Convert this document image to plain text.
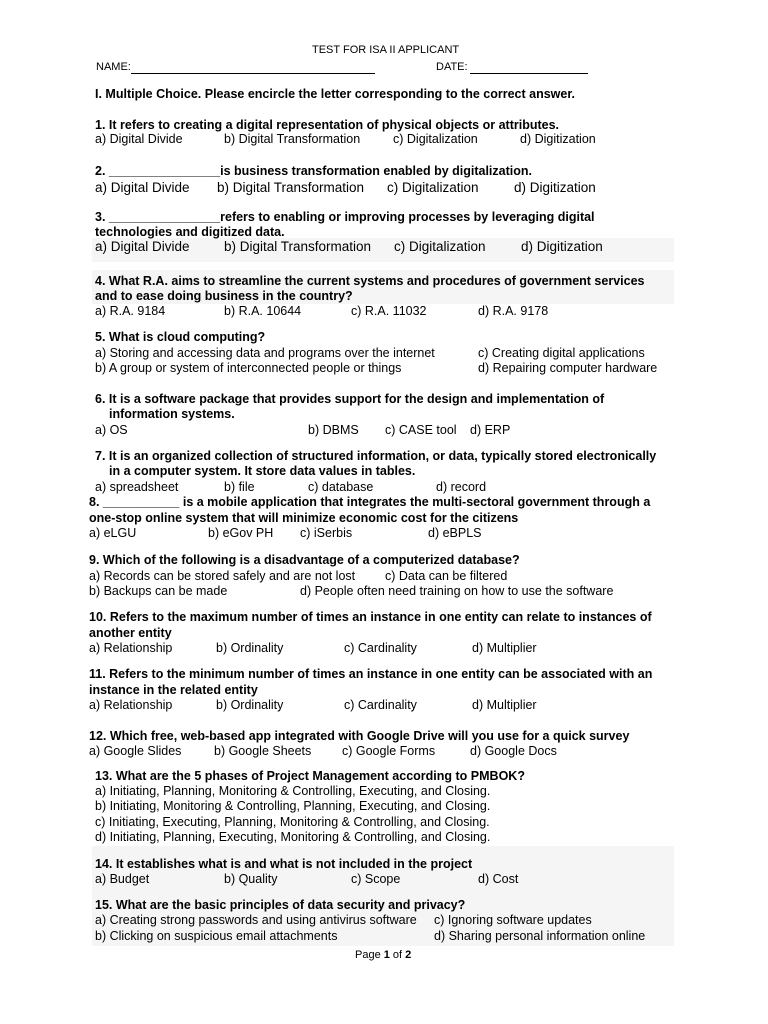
TEST FOR ISA II APPLICANT
NAME:	DATE:
I. Multiple Choice. Please encircle the letter corresponding to the correct answer.
1. It refers to creating a digital representation of physical objects or attributes.
a) Digital Divide	b) Digital Transformation	c) Digitalization	d) Digitization
2. ________________is business transformation enabled by digitalization.
a) Digital Divide b) Digital Transformation c) Digitalization	d) Digitization
3. ________________refers to enabling or improving processes by leveraging digital
technologies and digitized data.
a) Digital Divide	b) Digital Transformation c) Digitalization	d) Digitization
4. What R.A. aims to streamline the current systems and procedures of government services
and to ease doing business in the country?
a) R.A. 9184	b) R.A. 10644	c) R.A. 11032	d) R.A. 9178
5. What is cloud computing?
a) Storing and accessing data and programs over the internet	c) Creating digital applications
b) A group or system of interconnected people or things	d) Repairing computer hardware
6. It is a software package that provides support for the design and implementation of
information systems.
a) OS	b) DBMS c) CASE tool d) ERP
7. It is an organized collection of structured information, or data, typically stored electronically
in a computer system. It store data values in tables.
a) spreadsheet	b) file	c) database	d) record
8. ___________ is a mobile application that integrates the multi-sectoral government through a
one-stop online system that will minimize economic cost for the citizens
a) eLGU	b) eGov PH c) iSerbis	d) eBPLS
9. Which of the following is a disadvantage of a computerized database?
a) Records can be stored safely and are not lost c) Data can be filtered
b) Backups can be made	d) People often need training on how to use the software
10. Refers to the maximum number of times an instance in one entity can relate to instances of
another entity
a) Relationship	b) Ordinality	c) Cardinality	d) Multiplier
11. Refers to the minimum number of times an instance in one entity can be associated with an
instance in the related entity
a) Relationship	b) Ordinality	c) Cardinality	d) Multiplier
12. Which free, web-based app integrated with Google Drive will you use for a quick survey
a) Google Slides	b) Google Sheets c) Google Forms	d) Google Docs
13. What are the 5 phases of Project Management according to PMBOK?
a) Initiating, Planning, Monitoring & Controlling, Executing, and Closing.
b) Initiating, Monitoring & Controlling, Planning, Executing, and Closing.
c) Initiating, Executing, Planning, Monitoring & Controlling, and Closing.
d) Initiating, Planning, Executing, Monitoring & Controlling, and Closing.
14. It establishes what is and what is not included in the project
a) Budget	b) Quality	c) Scope	d) Cost
15. What are the basic principles of data security and privacy?
a) Creating strong passwords and using antivirus software c) Ignoring software updates
b) Clicking on suspicious email attachments	d) Sharing personal information online
Page 1 of 2
